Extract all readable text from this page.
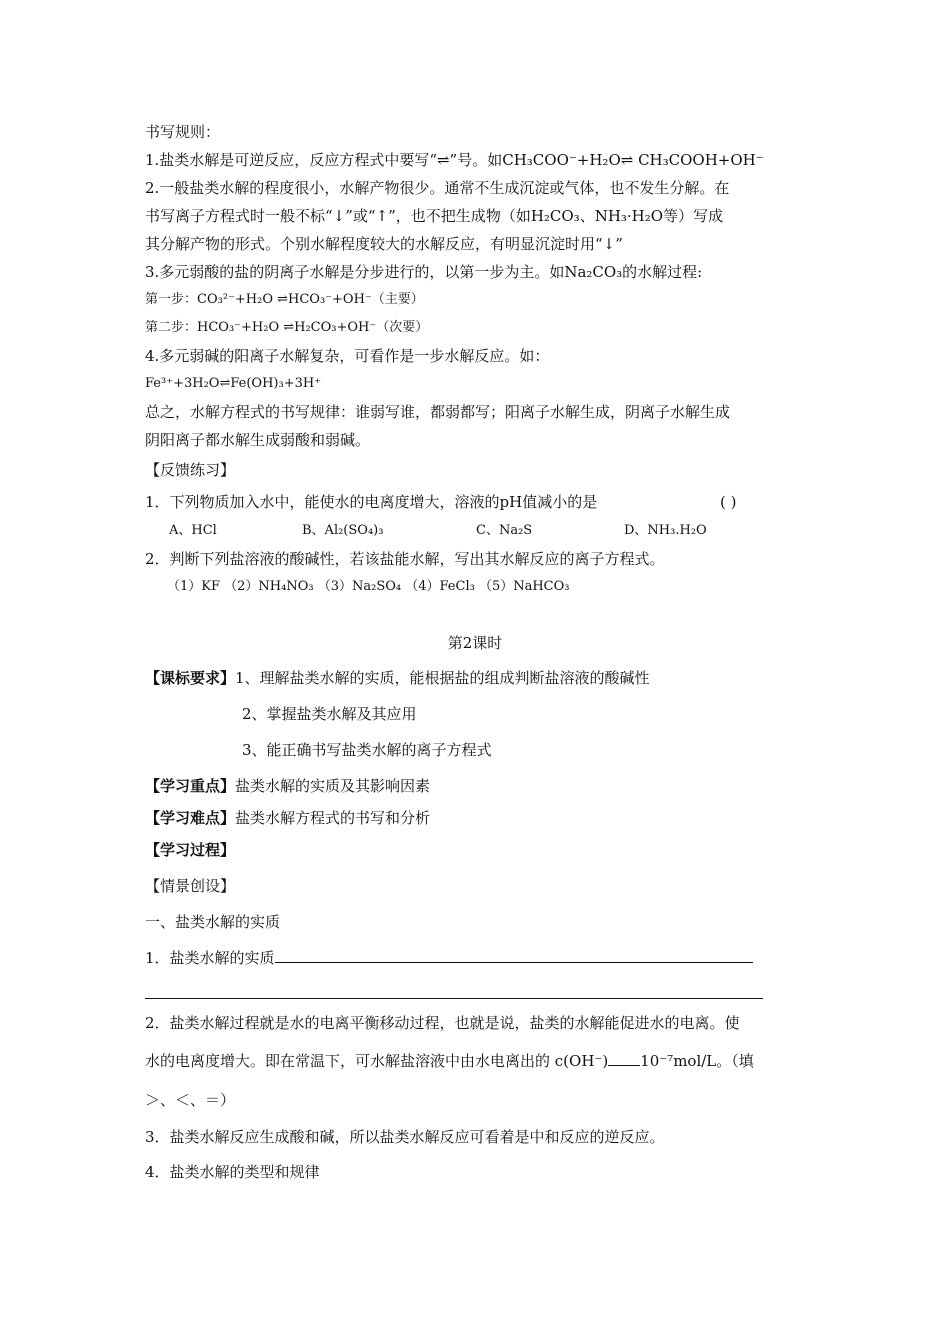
书写规则：
1.盐类水解是可逆反应，反应方程式中要写“⇌”号。如CH₃COO⁻+H₂O⇌ CH₃COOH+OH⁻
2.一般盐类水解的程度很小，水解产物很少。通常不生成沉淀或气体，也不发生分解。在
书写离子方程式时一般不标“↓”或“↑”，也不把生成物（如H₂CO₃、NH₃·H₂O等）写成
其分解产物的形式。个别水解程度较大的水解反应，有明显沉淀时用“↓”
3.多元弱酸的盐的阴离子水解是分步进行的，以第一步为主。如Na₂CO₃的水解过程:
第一步：CO₃²⁻+H₂O ⇌HCO₃⁻+OH⁻（主要）
第二步：HCO₃⁻+H₂O ⇌H₂CO₃+OH⁻（次要）
4.多元弱碱的阳离子水解复杂，可看作是一步水解反应。如：
Fe³⁺+3H₂O⇌Fe(OH)₃+3H⁺
总之，水解方程式的书写规律：谁弱写谁，都弱都写；阳离子水解生成，阴离子水解生成
阴阳离子都水解生成弱酸和弱碱。
【反馈练习】
1．下列物质加入水中，能使水的电离度增大，溶液的pH值减小的是	( )
A、HCl	B、Al₂(SO₄)₃	C、Na₂S	D、NH₃.H₂O
2．判断下列盐溶液的酸碱性，若该盐能水解，写出其水解反应的离子方程式。
（1）KF （2）NH₄NO₃ （3）Na₂SO₄ （4）FeCl₃ （5）NaHCO₃
第2课时
【课标要求】1、理解盐类水解的实质，能根据盐的组成判断盐溶液的酸碱性
2、掌握盐类水解及其应用
3、能正确书写盐类水解的离子方程式
【学习重点】盐类水解的实质及其影响因素
【学习难点】盐类水解方程式的书写和分析
【学习过程】
【情景创设】
一、盐类水解的实质
1．盐类水解的实质
2．盐类水解过程就是水的电离平衡移动过程，也就是说，盐类的水解能促进水的电离。使
水的电离度增大。即在常温下，可水解盐溶液中由水电离出的 c(OH⁻) 10⁻⁷mol/L。（填
＞、＜、＝）
3．盐类水解反应生成酸和碱，所以盐类水解反应可看着是中和反应的逆反应。
4．盐类水解的类型和规律
